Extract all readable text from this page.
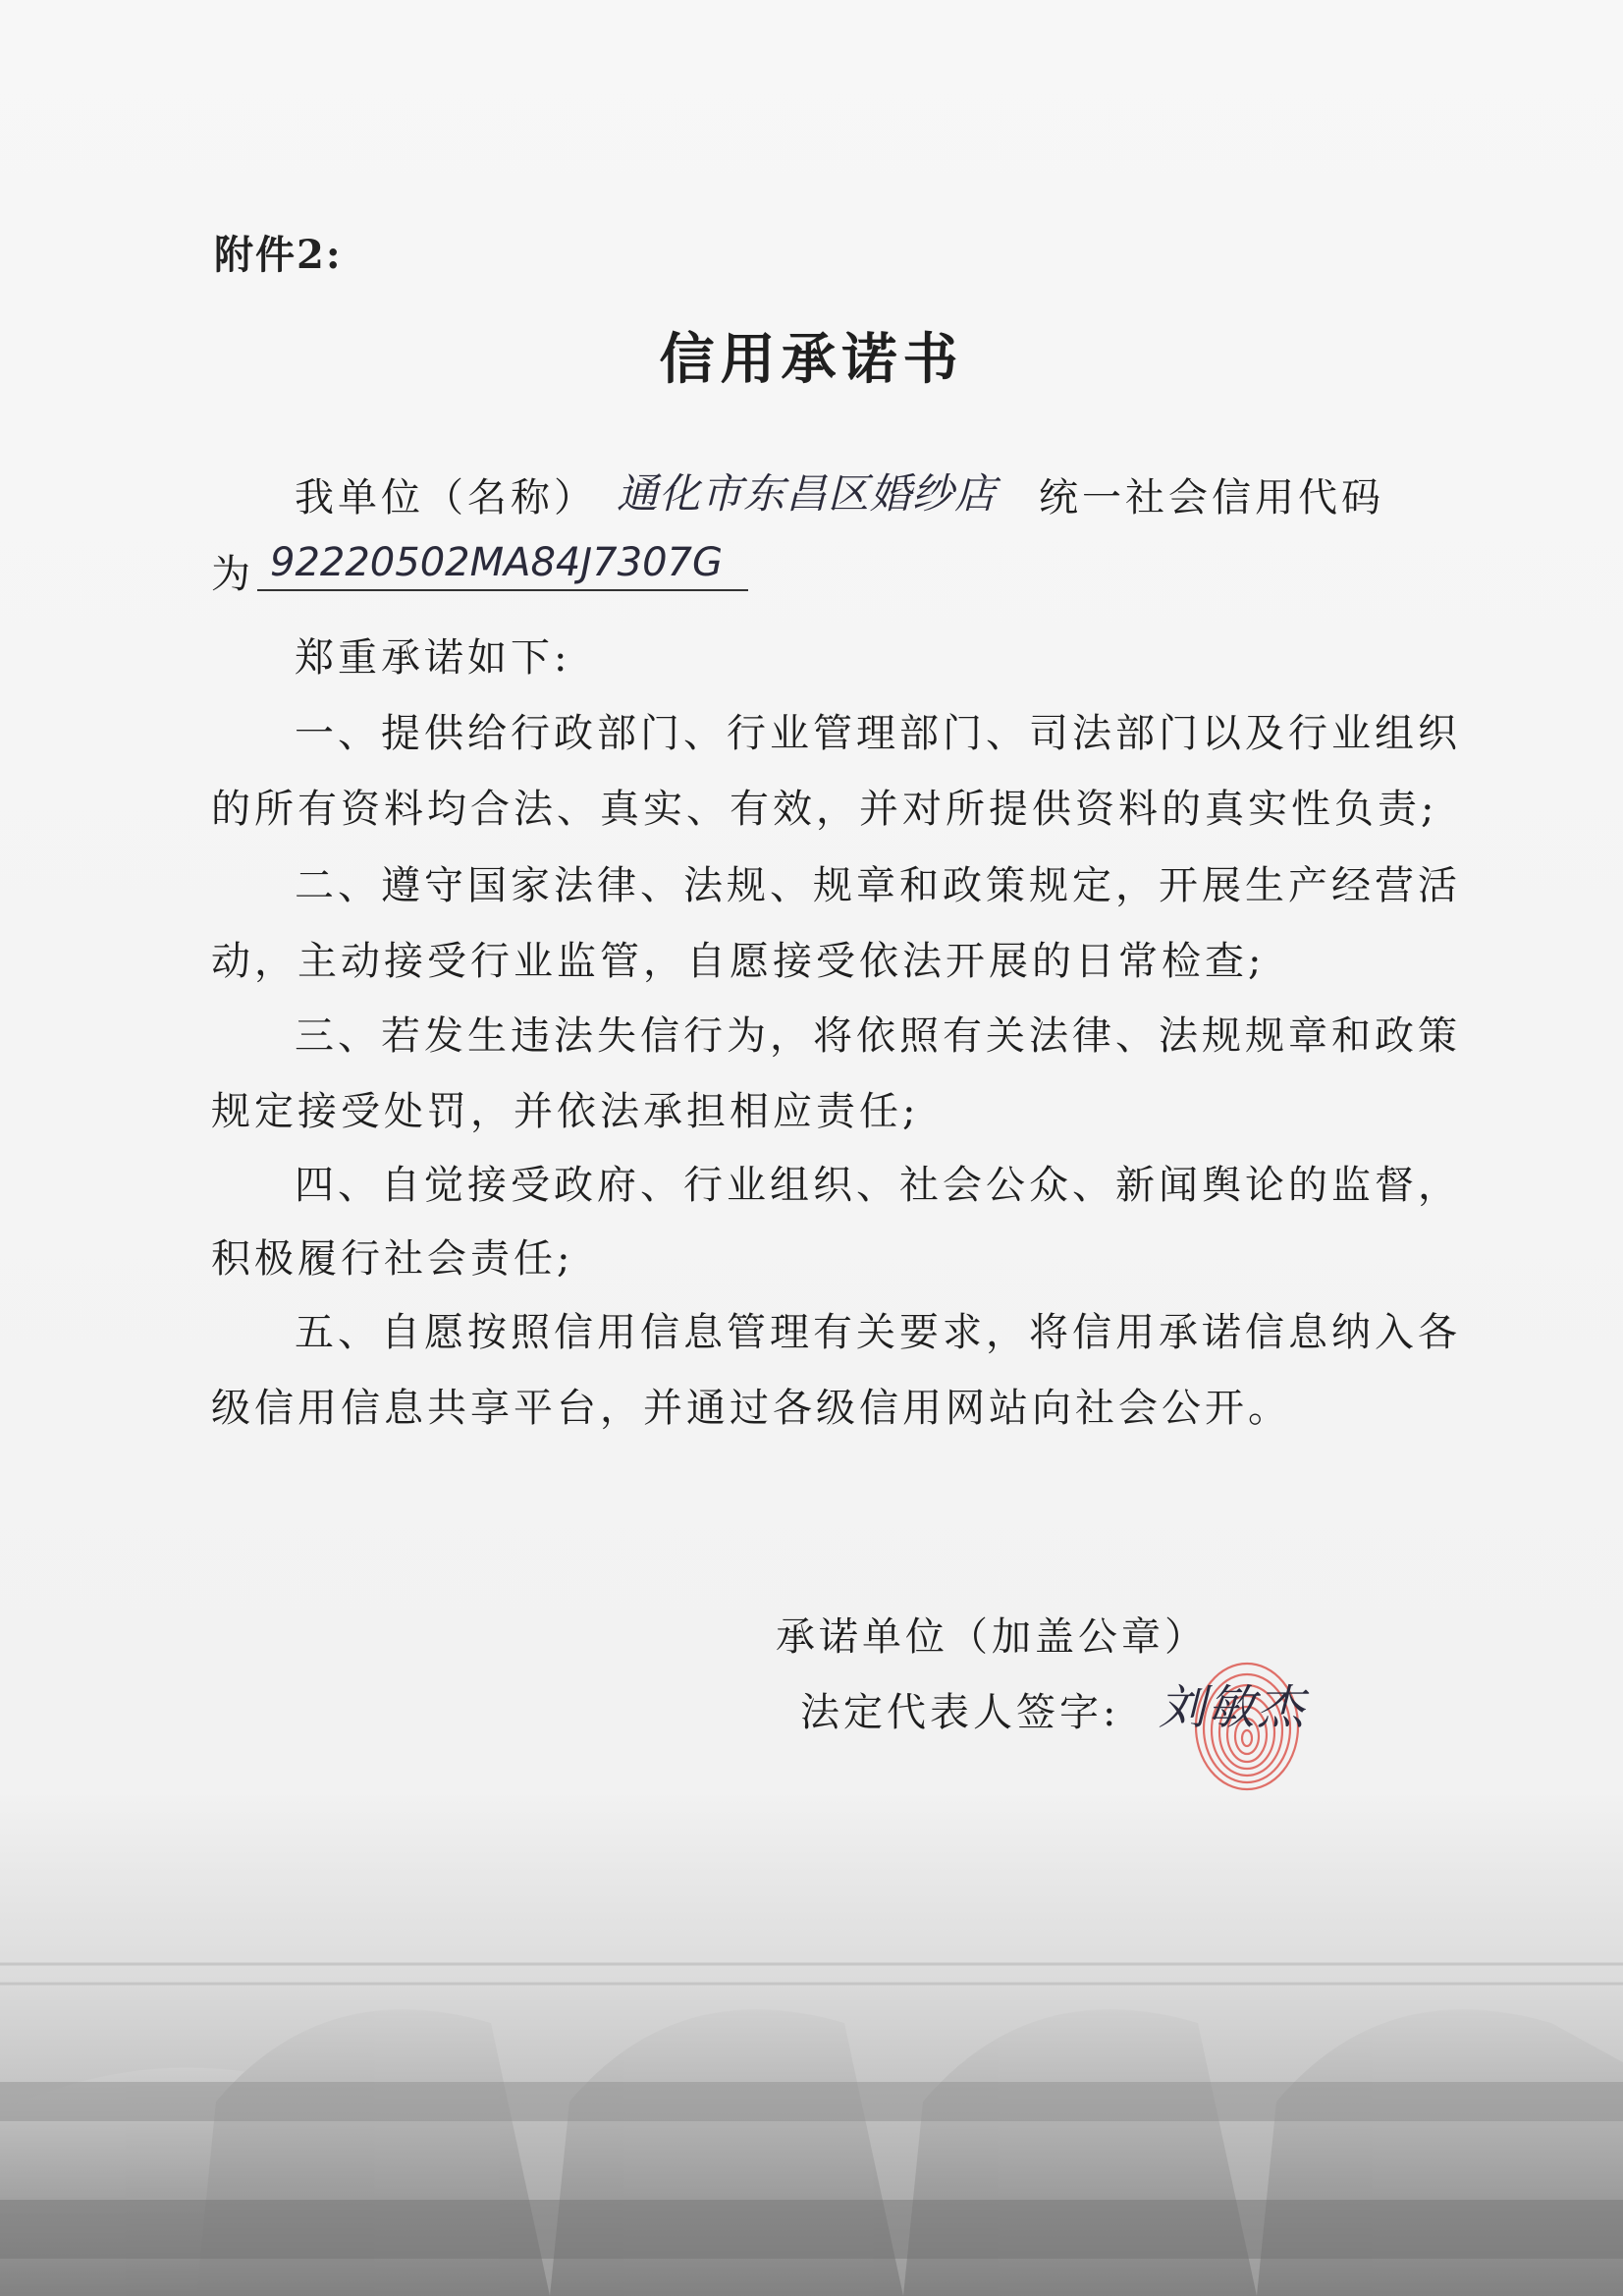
附件2:
信用承诺书
我单位（名称） 通化市东昌区婚纱店 统一社会信用代码
为 92220502MA84J7307G
郑重承诺如下:
一、提供给行政部门、行业管理部门、司法部门以及行业组织
的所有资料均合法、真实、有效，并对所提供资料的真实性负责;
二、遵守国家法律、法规、规章和政策规定，开展生产经营活
动，主动接受行业监管，自愿接受依法开展的日常检查;
三、若发生违法失信行为，将依照有关法律、法规规章和政策
规定接受处罚，并依法承担相应责任;
四、自觉接受政府、行业组织、社会公众、新闻舆论的监督，
积极履行社会责任;
五、自愿按照信用信息管理有关要求，将信用承诺信息纳入各
级信用信息共享平台，并通过各级信用网站向社会公开。
承诺单位（加盖公章）
法定代表人签字: 刘敏杰
